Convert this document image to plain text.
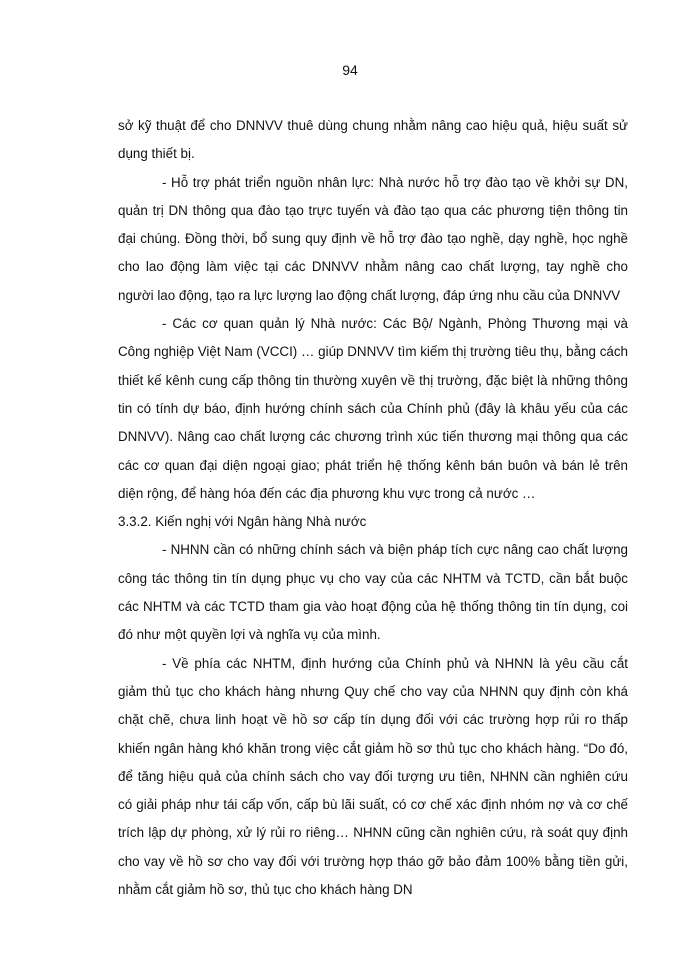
94

sở kỹ thuật để cho DNNVV thuê dùng chung nhằm nâng cao hiệu quả, hiệu suất sử dụng thiết bị.

- Hỗ trợ phát triển nguồn nhân lực: Nhà nước hỗ trợ đào tạo về khởi sự DN, quản trị DN thông qua đào tạo trực tuyến và đào tạo qua các phương tiện thông tin đại chúng. Đồng thời, bổ sung quy định về hỗ trợ đào tạo nghề, dạy nghề, học nghề cho lao động làm việc tại các DNNVV nhằm nâng cao chất lượng, tay nghề cho người lao động, tạo ra lực lượng lao động chất lượng, đáp ứng nhu cầu của DNNVV

- Các cơ quan quản lý Nhà nước: Các Bộ/ Ngành, Phòng Thương mại và Công nghiệp Việt Nam (VCCI) … giúp DNNVV tìm kiếm thị trường tiêu thụ, bằng cách thiết kế kênh cung cấp thông tin thường xuyên về thị trường, đặc biệt là những thông tin có tính dự báo, định hướng chính sách của Chính phủ (đây là khâu yếu của các DNNVV). Nâng cao chất lượng các chương trình xúc tiến thương mại thông qua các các cơ quan đại diện ngoại giao; phát triển hệ thống kênh bán buôn và bán lẻ trên diện rộng, để hàng hóa đến các địa phương khu vực trong cả nước …

3.3.2. Kiến nghị với Ngân hàng Nhà nước

- NHNN cần có những chính sách và biện pháp tích cực nâng cao chất lượng công tác thông tin tín dụng phục vụ cho vay của các NHTM và TCTD, cần bắt buộc các NHTM và các TCTD tham gia vào hoạt động của hệ thống thông tin tín dụng, coi đó như một quyền lợi và nghĩa vụ của mình.

- Về phía các NHTM, định hướng của Chính phủ và NHNN là yêu cầu cắt giảm thủ tục cho khách hàng nhưng Quy chế cho vay của NHNN quy định còn khá chặt chẽ, chưa linh hoạt về hồ sơ cấp tín dụng đối với các trường hợp rủi ro thấp khiến ngân hàng khó khăn trong việc cắt giảm hồ sơ thủ tục cho khách hàng. “Do đó, để tăng hiệu quả của chính sách cho vay đối tượng ưu tiên, NHNN cần nghiên cứu có giải pháp như tái cấp vốn, cấp bù lãi suất, có cơ chế xác định nhóm nợ và cơ chế trích lập dự phòng, xử lý rủi ro riêng… NHNN cũng cần nghiên cứu, rà soát quy định cho vay về hồ sơ cho vay đối với trường hợp tháo gỡ bảo đảm 100% bằng tiền gửi, nhằm cắt giảm hồ sơ, thủ tục cho khách hàng DN
